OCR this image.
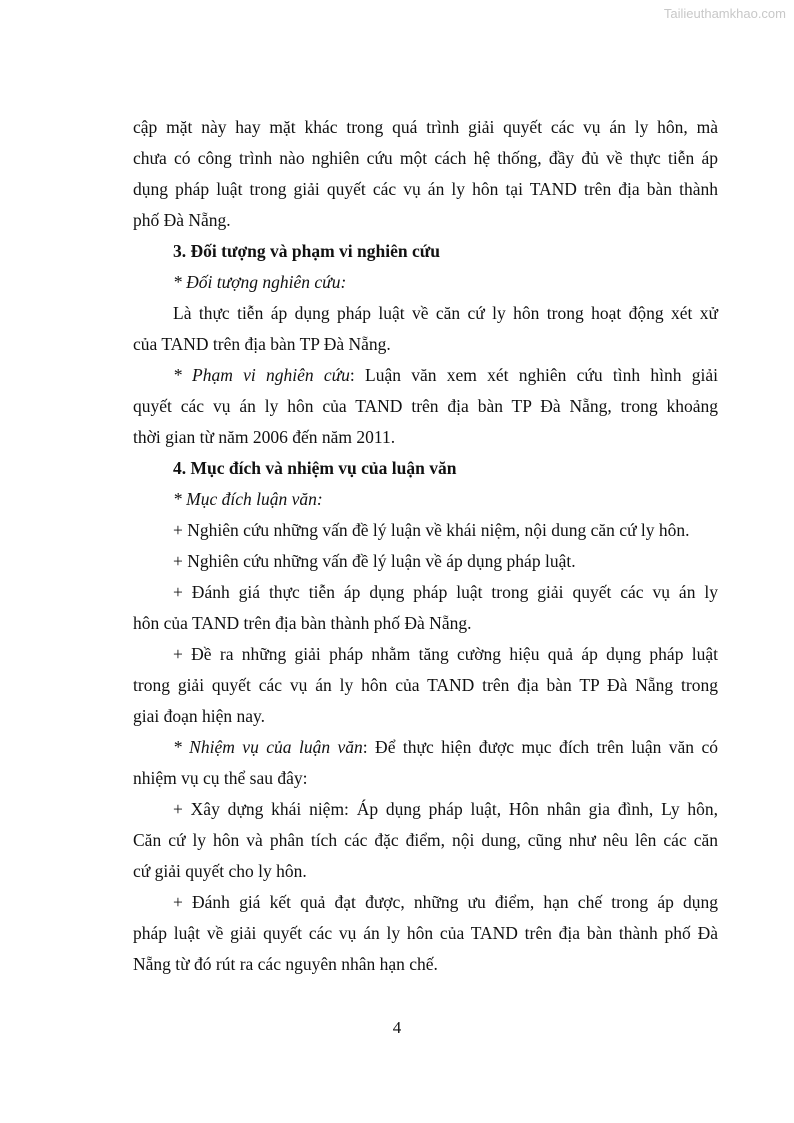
Tailieuthamkhao.com
cập mặt này hay mặt khác trong quá trình giải quyết các vụ án ly hôn, mà
chưa có công trình nào nghiên cứu một cách hệ thống, đầy đủ về thực tiễn áp
dụng pháp luật trong giải quyết các vụ án ly hôn tại TAND trên địa bàn thành
phố Đà Nẵng.
3. Đối tượng và phạm vi nghiên cứu
* Đối tượng nghiên cứu:
Là thực tiễn áp dụng pháp luật về căn cứ ly hôn trong hoạt động xét xử
của TAND trên địa bàn TP Đà Nẵng.
* Phạm vi nghiên cứu: Luận văn xem xét nghiên cứu tình hình giải
quyết các vụ án ly hôn của TAND trên địa bàn TP Đà Nẵng, trong khoảng
thời gian từ năm 2006 đến năm 2011.
4. Mục đích và nhiệm vụ của luận văn
* Mục đích luận văn:
+ Nghiên cứu những vấn đề lý luận về khái niệm, nội dung căn cứ ly hôn.
+ Nghiên cứu những vấn đề lý luận về áp dụng pháp luật.
+ Đánh giá thực tiễn áp dụng pháp luật trong giải quyết các vụ án ly
hôn của TAND trên địa bàn thành phố Đà Nẵng.
+ Đề ra những giải pháp nhằm tăng cường hiệu quả áp dụng pháp luật
trong giải quyết các vụ án ly hôn của TAND trên địa bàn TP Đà Nẵng trong
giai đoạn hiện nay.
* Nhiệm vụ của luận văn: Để thực hiện được mục đích trên luận văn có
nhiệm vụ cụ thể sau đây:
+ Xây dựng khái niệm: Áp dụng pháp luật, Hôn nhân gia đình, Ly hôn,
Căn cứ ly hôn và phân tích các đặc điểm, nội dung, cũng như nêu lên các căn
cứ giải quyết cho ly hôn.
+ Đánh giá kết quả đạt được, những ưu điểm, hạn chế trong áp dụng
pháp luật về giải quyết các vụ án ly hôn của TAND trên địa bàn thành phố Đà
Nẵng từ đó rút ra các nguyên nhân hạn chế.
4
